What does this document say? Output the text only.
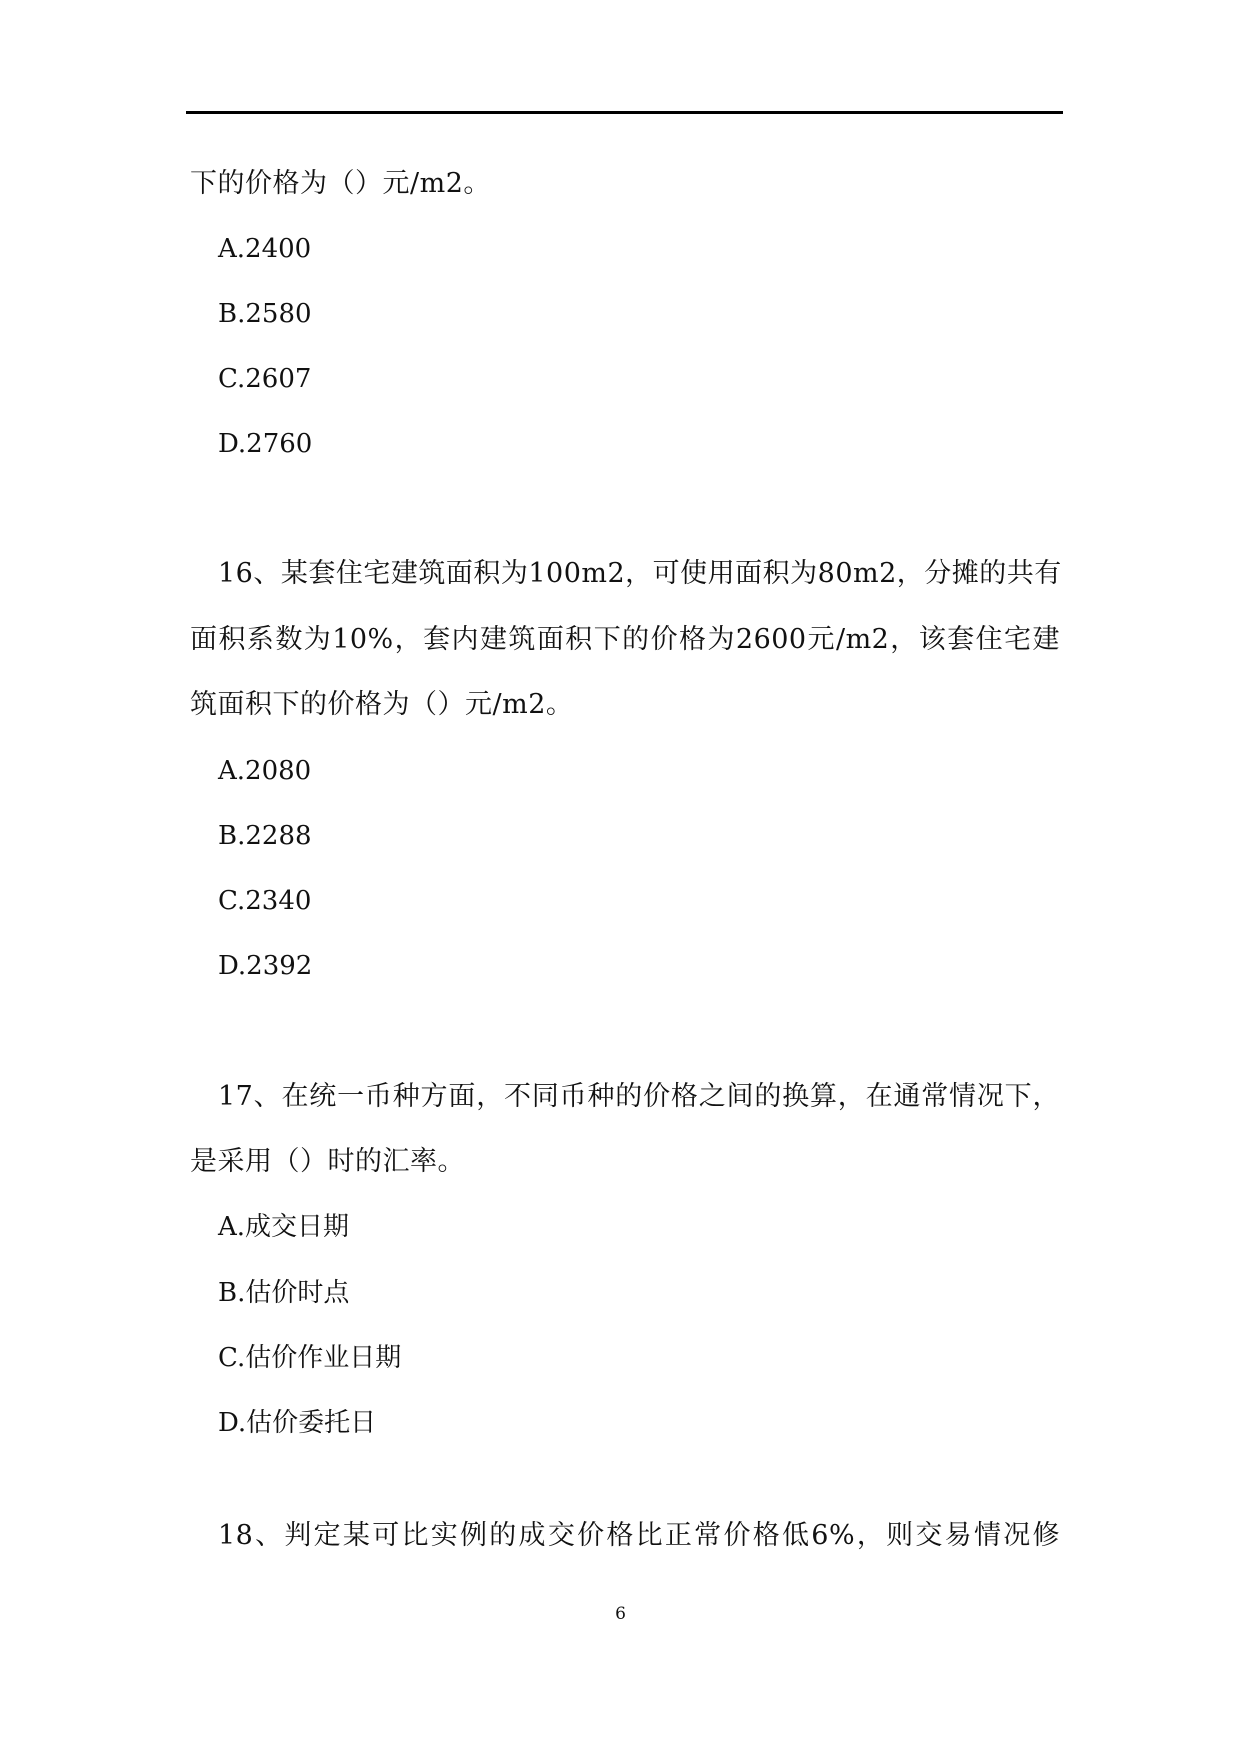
下的价格为（）元/m2。
A.2400
B.2580
C.2607
D.2760
16、某套住宅建筑面积为100m2，可使用面积为80m2，分摊的共有
面积系数为10%，套内建筑面积下的价格为2600元/m2，该套住宅建
筑面积下的价格为（）元/m2。
A.2080
B.2288
C.2340
D.2392
17、在统一币种方面，不同币种的价格之间的换算，在通常情况下，
是采用（）时的汇率。
A.成交日期
B.估价时点
C.估价作业日期
D.估价委托日
18、判定某可比实例的成交价格比正常价格低6%，则交易情况修
6
